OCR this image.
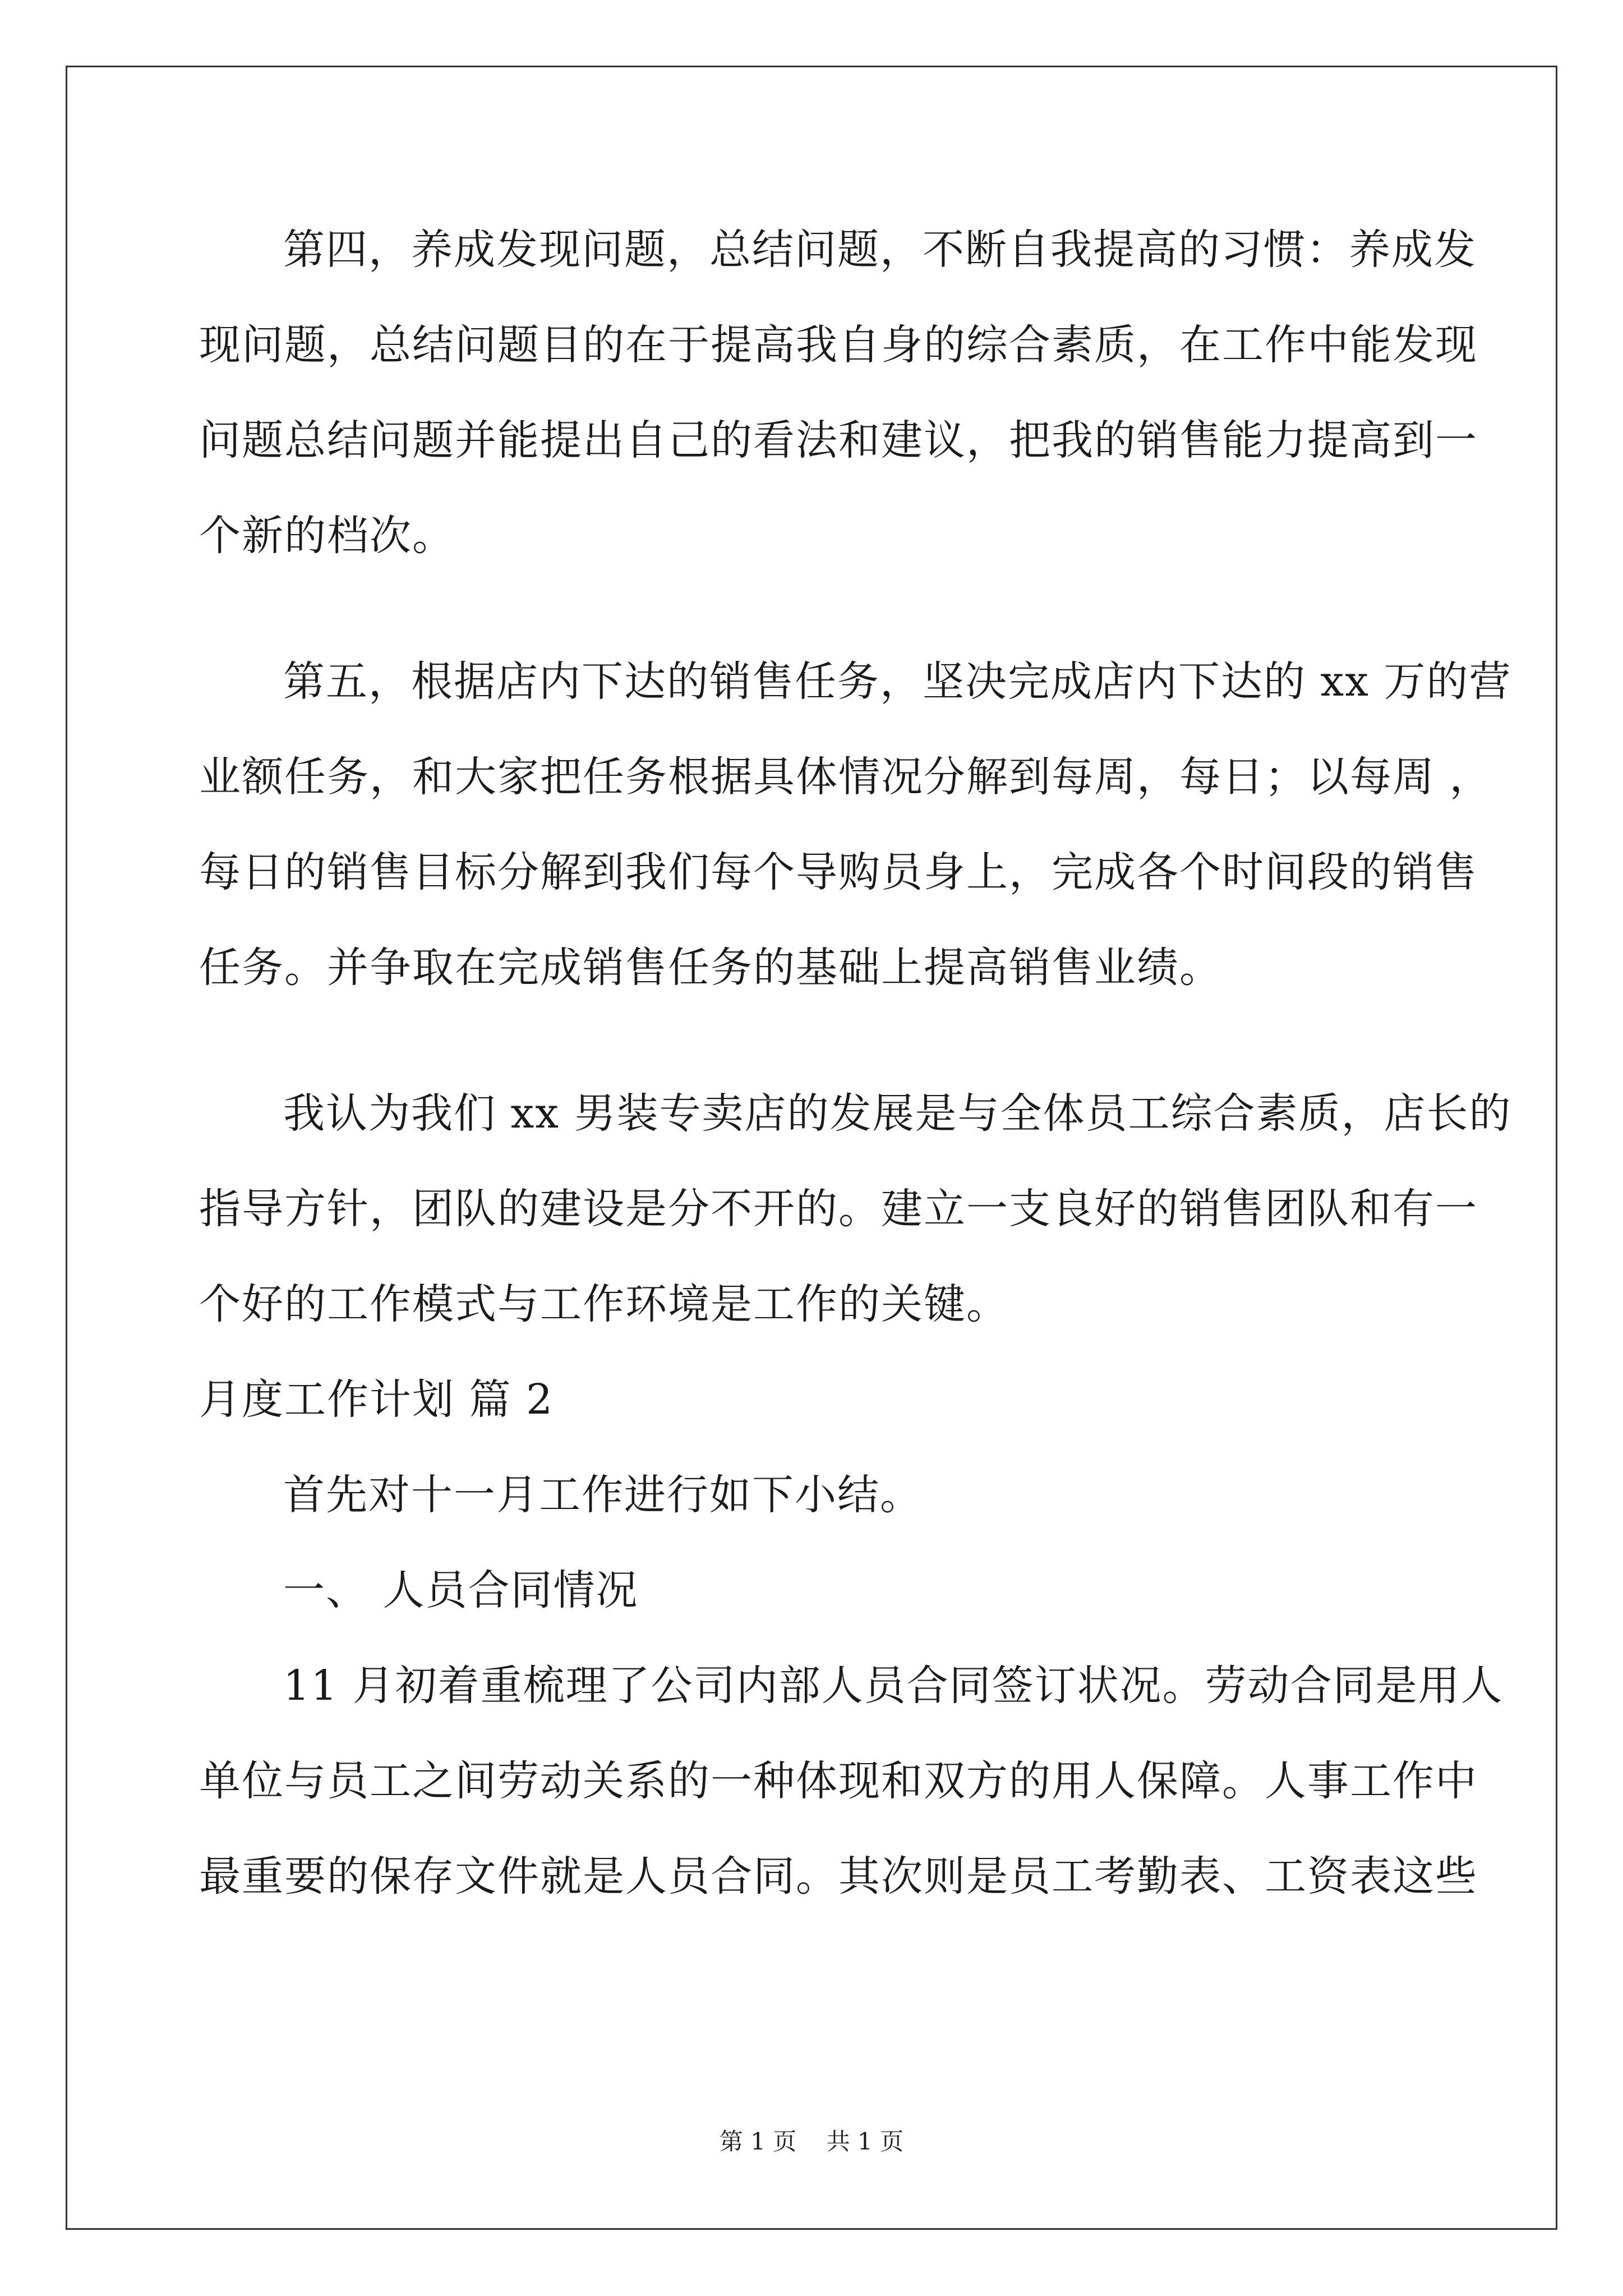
第四，养成发现问题，总结问题，不断自我提高的习惯：养成发
现问题，总结问题目的在于提高我自身的综合素质，在工作中能发现
问题总结问题并能提出自己的看法和建议，把我的销售能力提高到一
个新的档次。
第五，根据店内下达的销售任务，坚决完成店内下达的 xx 万的营
业额任务，和大家把任务根据具体情况分解到每周，每日；以每周 ，
每日的销售目标分解到我们每个导购员身上，完成各个时间段的销售
任务。并争取在完成销售任务的基础上提高销售业绩。
我认为我们 xx 男装专卖店的发展是与全体员工综合素质，店长的
指导方针，团队的建设是分不开的。建立一支良好的销售团队和有一
个好的工作模式与工作环境是工作的关键。
月度工作计划 篇 2
首先对十一月工作进行如下小结。
一、 人员合同情况
11 月初着重梳理了公司内部人员合同签订状况。劳动合同是用人
单位与员工之间劳动关系的一种体现和双方的用人保障。人事工作中
最重要的保存文件就是人员合同。其次则是员工考勤表、工资表这些
第 1 页    共 1 页
